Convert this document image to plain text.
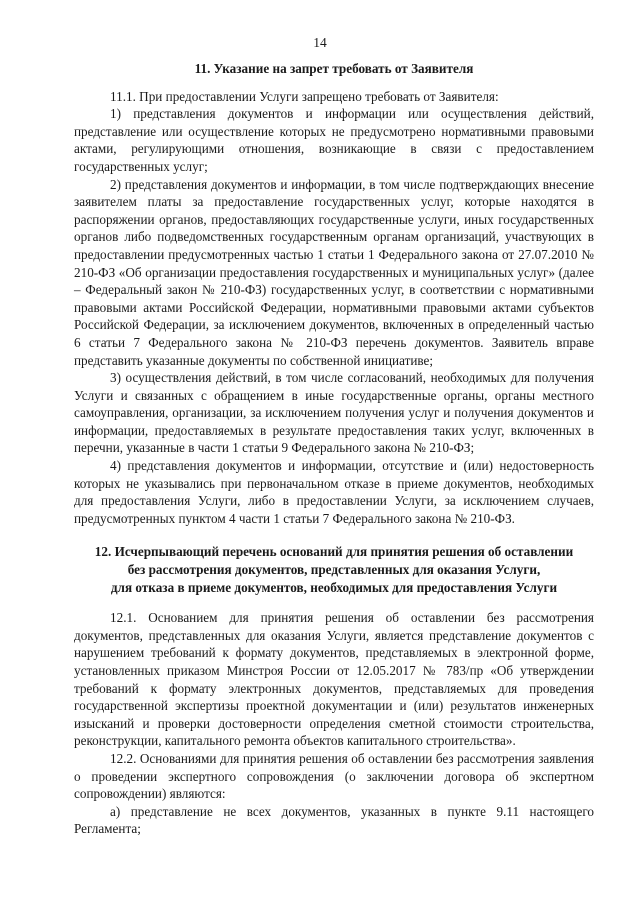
14
11. Указание на запрет требовать от Заявителя

11.1. При предоставлении Услуги запрещено требовать от Заявителя:

1) представления документов и информации или осуществления действий, представление или осуществление которых не предусмотрено нормативными правовыми актами, регулирующими отношения, возникающие в связи с предоставлением государственных услуг;

2) представления документов и информации, в том числе подтверждающих внесение заявителем платы за предоставление государственных услуг, которые находятся в распоряжении органов, предоставляющих государственные услуги, иных государственных органов либо подведомственных государственным органам организаций, участвующих в предоставлении предусмотренных частью 1 статьи 1 Федерального закона от 27.07.2010 № 210-ФЗ «Об организации предоставления государственных и муниципальных услуг» (далее – Федеральный закон № 210-ФЗ) государственных услуг, в соответствии с нормативными правовыми актами Российской Федерации, нормативными правовыми актами субъектов Российской Федерации, за исключением документов, включенных в определенный частью 6 статьи 7 Федерального закона № 210-ФЗ перечень документов. Заявитель вправе представить указанные документы по собственной инициативе;

3) осуществления действий, в том числе согласований, необходимых для получения Услуги и связанных с обращением в иные государственные органы, органы местного самоуправления, организации, за исключением получения услуг и получения документов и информации, предоставляемых в результате предоставления таких услуг, включенных в перечни, указанные в части 1 статьи 9 Федерального закона № 210-ФЗ;

4) представления документов и информации, отсутствие и (или) недостоверность которых не указывались при первоначальном отказе в приеме документов, необходимых для предоставления Услуги, либо в предоставлении Услуги, за исключением случаев, предусмотренных пунктом 4 части 1 статьи 7 Федерального закона № 210-ФЗ.

12. Исчерпывающий перечень оснований для принятия решения об оставлении
без рассмотрения документов, представленных для оказания Услуги,
для отказа в приеме документов, необходимых для предоставления Услуги

12.1. Основанием для принятия решения об оставлении без рассмотрения документов, представленных для оказания Услуги, является представление документов с нарушением требований к формату документов, представляемых в электронной форме, установленных приказом Минстроя России от 12.05.2017 № 783/пр «Об утверждении требований к формату электронных документов, представляемых для проведения государственной экспертизы проектной документации и (или) результатов инженерных изысканий и проверки достоверности определения сметной стоимости строительства, реконструкции, капитального ремонта объектов капитального строительства».

12.2. Основаниями для принятия решения об оставлении без рассмотрения заявления о проведении экспертного сопровождения (о заключении договора об экспертном сопровождении) являются:

а) представление не всех документов, указанных в пункте 9.11 настоящего Регламента;
